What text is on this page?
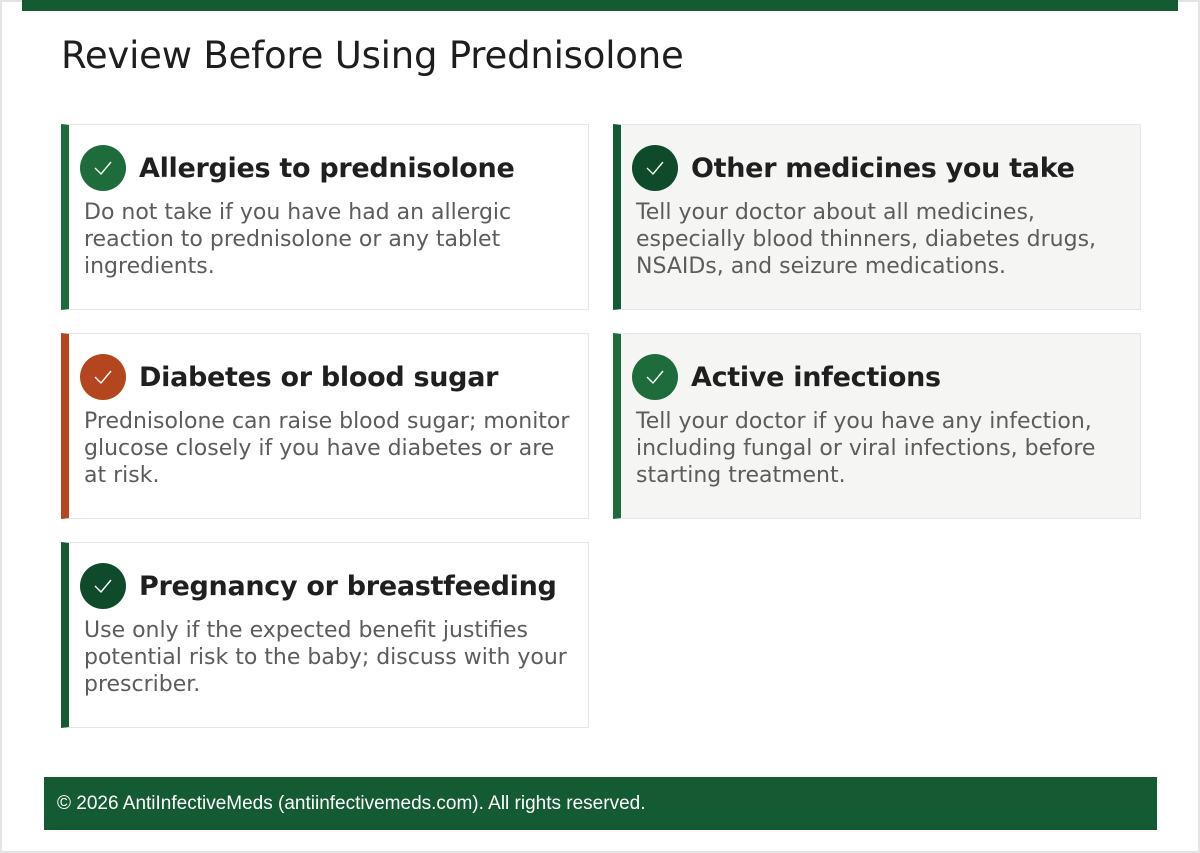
Review Before Using Prednisolone
Allergies to prednisolone
Do not take if you have had an allergic reaction to prednisolone or any tablet ingredients.
Other medicines you take
Tell your doctor about all medicines, especially blood thinners, diabetes drugs, NSAIDs, and seizure medications.
Diabetes or blood sugar
Prednisolone can raise blood sugar; monitor glucose closely if you have diabetes or are at risk.
Active infections
Tell your doctor if you have any infection, including fungal or viral infections, before starting treatment.
Pregnancy or breastfeeding
Use only if the expected benefit justifies potential risk to the baby; discuss with your prescriber.
© 2026 AntiInfectiveMeds (antiinfectivemeds.com). All rights reserved.
